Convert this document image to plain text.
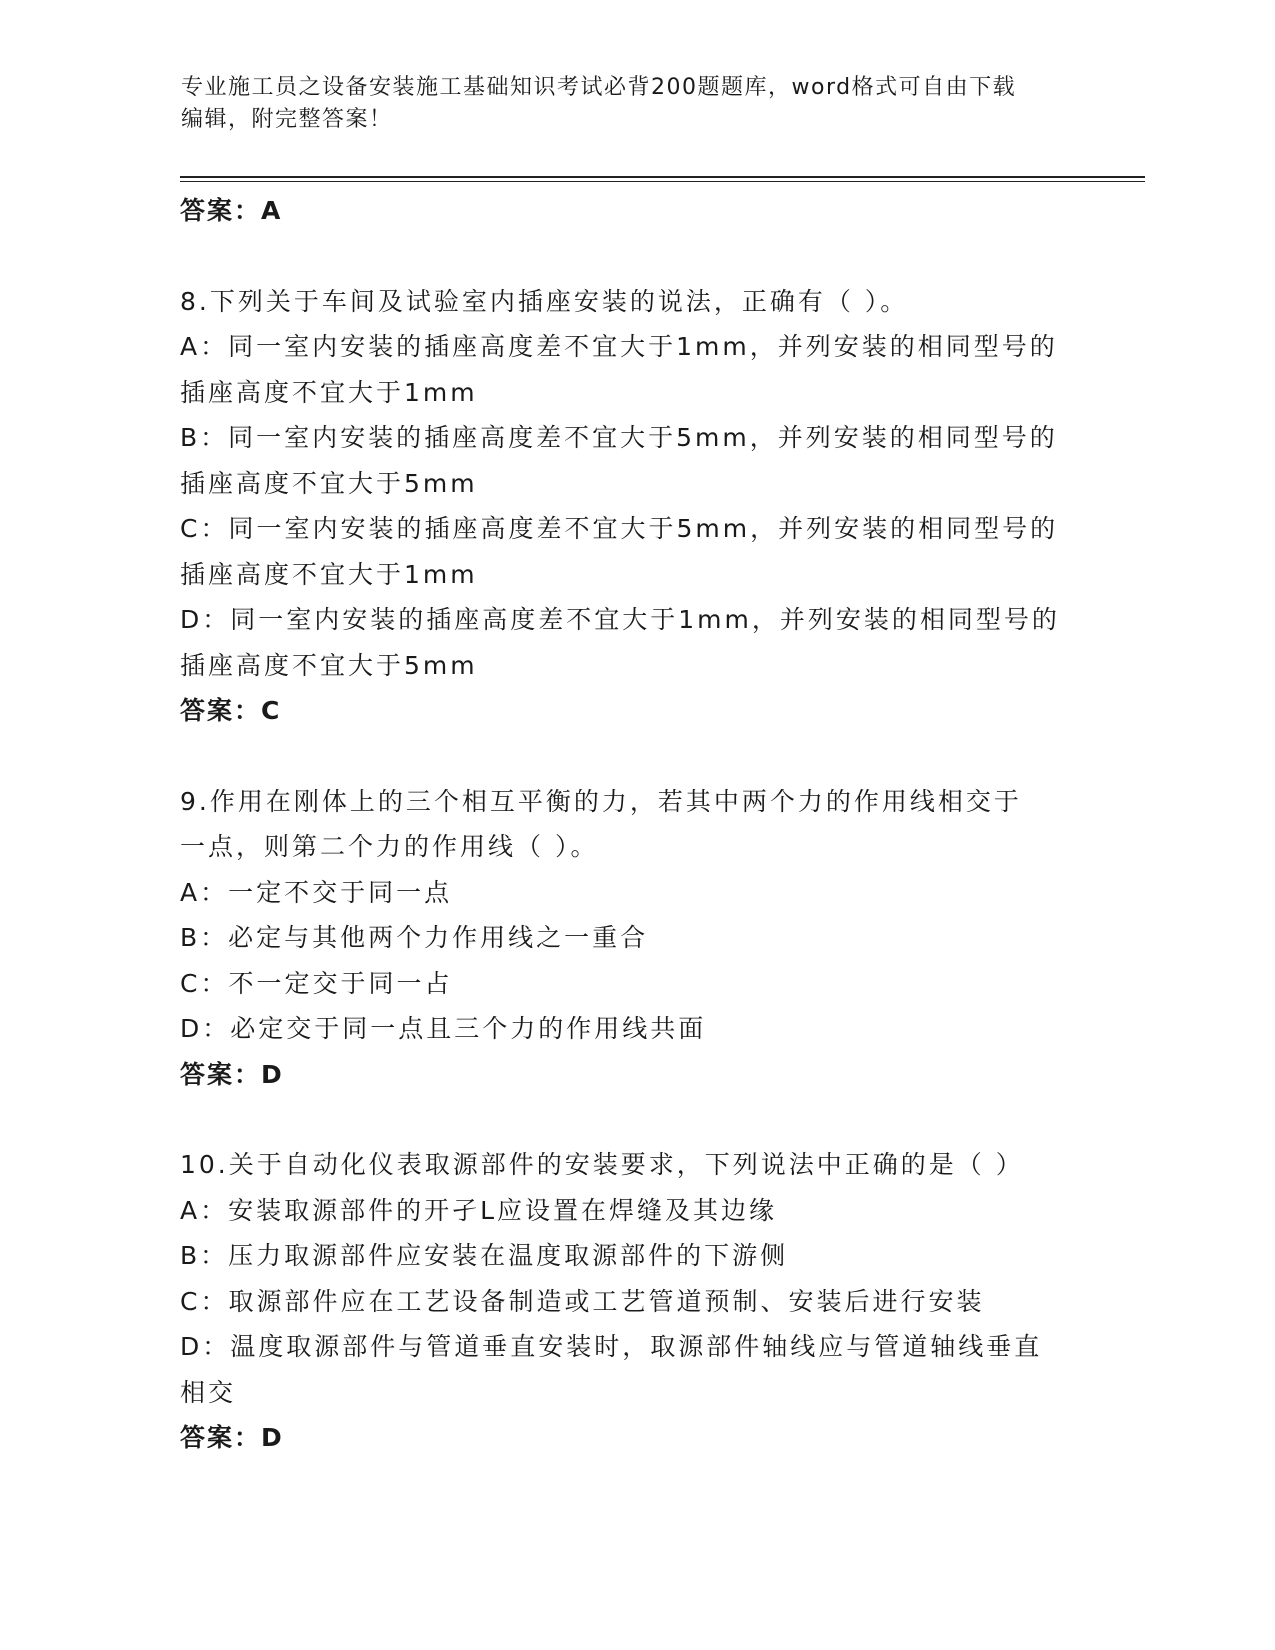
专业施工员之设备安装施工基础知识考试必背200题题库，word格式可自由下载
编辑，附完整答案！
答案：A
8.下列关于车间及试验室内插座安装的说法，正确有（ ）。
A：同一室内安装的插座高度差不宜大于1mm，并列安装的相同型号的
插座高度不宜大于1mm
B：同一室内安装的插座高度差不宜大于5mm，并列安装的相同型号的
插座高度不宜大于5mm
C：同一室内安装的插座高度差不宜大于5mm，并列安装的相同型号的
插座高度不宜大于1mm
D：同一室内安装的插座高度差不宜大于1mm，并列安装的相同型号的
插座高度不宜大于5mm
答案：C
9.作用在刚体上的三个相互平衡的力，若其中两个力的作用线相交于
一点，则第二个力的作用线（ ）。
A：一定不交于同一点
B：必定与其他两个力作用线之一重合
C：不一定交于同一占
D：必定交于同一点且三个力的作用线共面
答案：D
10.关于自动化仪表取源部件的安装要求，下列说法中正确的是（ ）
A：安装取源部件的开孑L应设置在焊缝及其边缘
B：压力取源部件应安装在温度取源部件的下游侧
C：取源部件应在工艺设备制造或工艺管道预制、安装后进行安装
D：温度取源部件与管道垂直安装时，取源部件轴线应与管道轴线垂直
相交
答案：D
